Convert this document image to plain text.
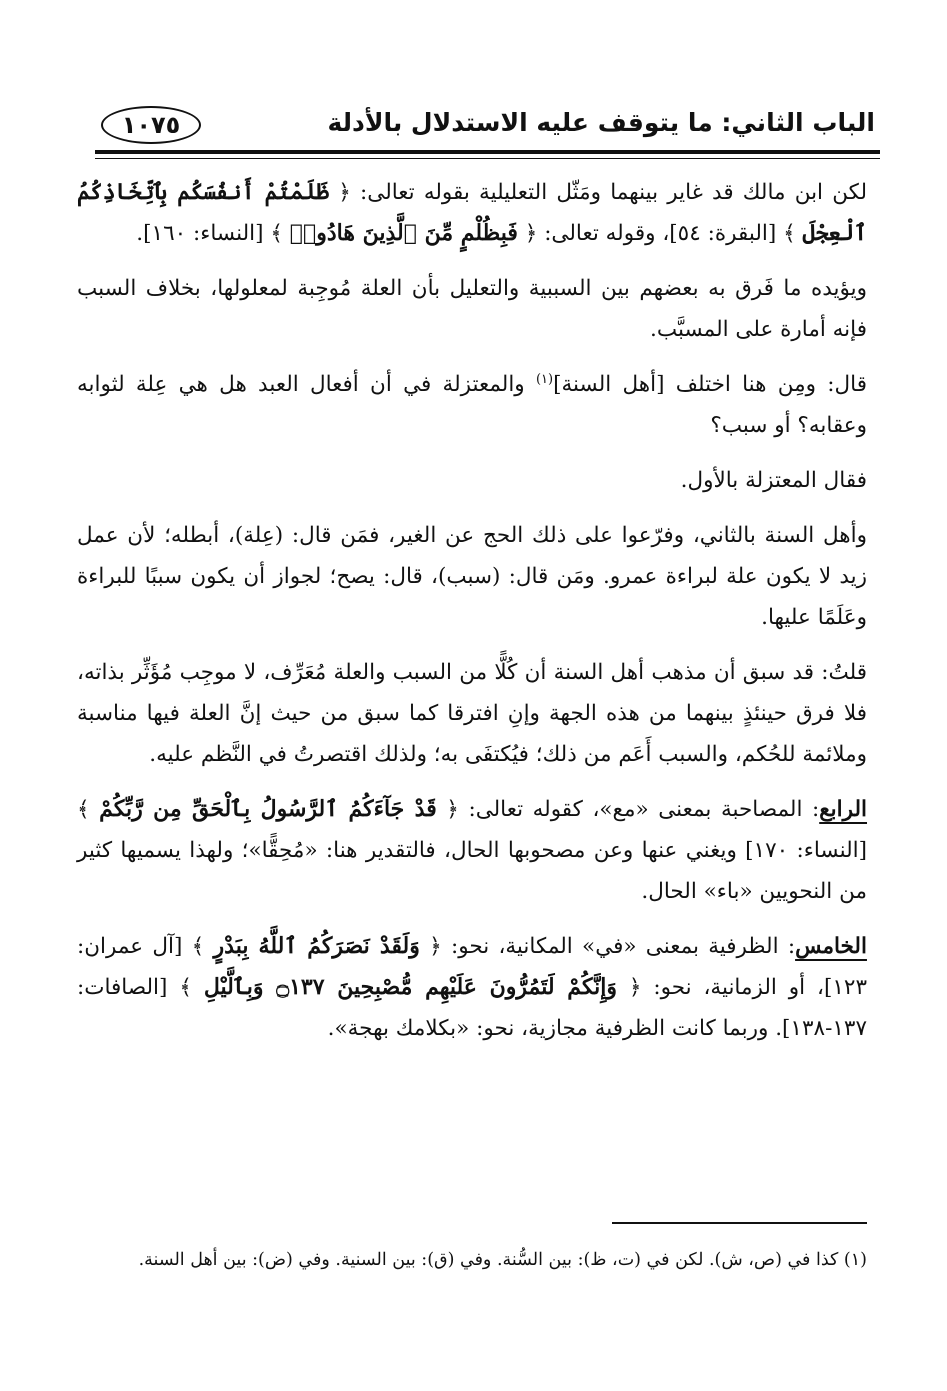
الباب الثاني: ما يتوقف عليه الاستدلال بالأدلة
١٠٧٥

لكن ابن مالك قد غاير بينهما ومَثّل التعليلية بقوله تعالى: ﴿ ظَلَمْتُمْ أَنفُسَكُم بِٱتِّخَاذِكُمُ ٱلْعِجْلَ ﴾ [البقرة: ٥٤]، وقوله تعالى: ﴿ فَبِظُلْمٍ مِّنَ ٱلَّذِينَ هَادُوا۟ ﴾ [النساء: ١٦٠].

ويؤيده ما فَرق به بعضهم بين السببية والتعليل بأن العلة مُوجِبة لمعلولها، بخلاف السبب فإنه أمارة على المسبَّب.

قال: ومِن هنا اختلف [أهل السنة]$^{(١)}$ والمعتزلة في أن أفعال العبد هل هي عِلة لثوابه وعقابه؟ أو سبب؟

فقال المعتزلة بالأول.

وأهل السنة بالثاني، وفرّعوا على ذلك الحج عن الغير، فمَن قال: (عِلة)، أبطله؛ لأن عمل زيد لا يكون علة لبراءة عمرو. ومَن قال: (سبب)، قال: يصح؛ لجواز أن يكون سببًا للبراءة وعَلَمًا عليها.

قلتُ: قد سبق أن مذهب أهل السنة أن كُلًّا من السبب والعلة مُعَرِّف، لا موجِب مُؤَثِّر بذاته، فلا فرق حينئذٍ بينهما من هذه الجهة وإنِ افترقا كما سبق من حيث إنَّ العلة فيها مناسبة وملائمة للحُكم، والسبب أَعَم من ذلك؛ فيُكتفَى به؛ ولذلك اقتصرتُ في النَّظم عليه.

الرابع: المصاحبة بمعنى «مع»، كقوله تعالى: ﴿ قَدْ جَآءَكُمُ ٱلرَّسُولُ بِٱلْحَقِّ مِن رَّبِّكُمْ ﴾ [النساء: ١٧٠] ويغني عنها وعن مصحوبها الحال، فالتقدير هنا: «مُحِقًّا»؛ ولهذا يسميها كثير من النحويين «باء» الحال.

الخامس: الظرفية بمعنى «في» المكانية، نحو: ﴿ وَلَقَدْ نَصَرَكُمُ ٱللَّهُ بِبَدْرٍ ﴾ [آل عمران: ١٢٣]، أو الزمانية، نحو: ﴿ وَإِنَّكُمْ لَتَمُرُّونَ عَلَيْهِم مُّصْبِحِينَ ۝١٣٧ وَبِٱلَّيْلِ ﴾ [الصافات: ١٣٧-١٣٨]. وربما كانت الظرفية مجازية، نحو: «بكلامك بهجة».

(١) كذا في (ص، ش). لكن في (ت، ظ): بين السُّنة. وفي (ق): بين السنية. وفي (ض): بين أهل السنة.
